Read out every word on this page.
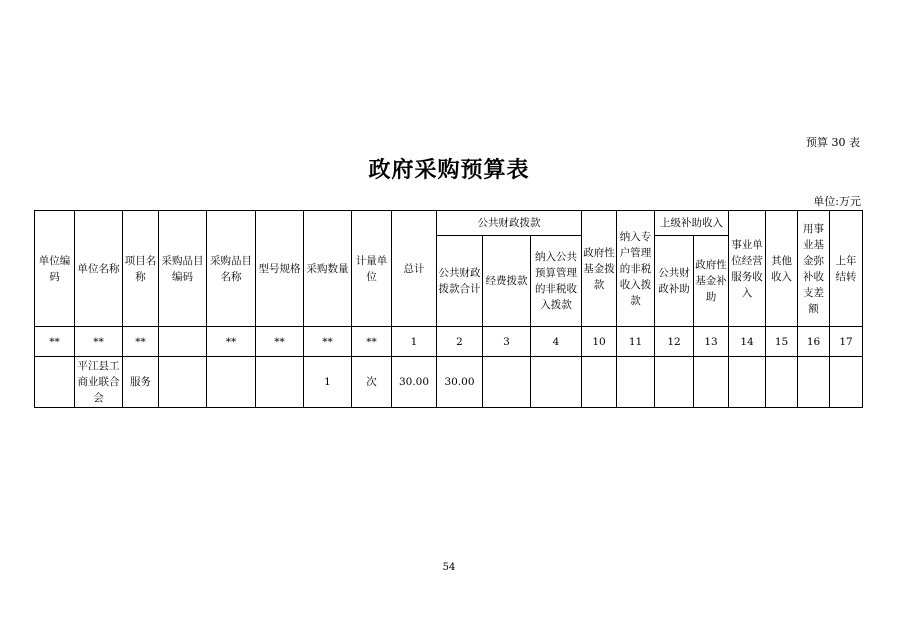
预算 30 表
政府采购预算表
单位:万元
单位编码	单位名称	项目名称	采购品目编码	采购品目名称	型号规格	采购数量	计量单位	总计	公共财政拨款			政府性基金拨款	纳入专户管理的非税收入拨款	上级补助收入		事业单位经营服务收入	其他收入	用事业基金弥补收支差额	上年结转
									公共财政拨款合计	经费拨款	纳入公共预算管理的非税收入拨款			公共财政补助	政府性基金补助				
**	**	**		**	**	**	**	1	2	3	4	10	11	12	13	14	15	16	17
	平江县工商业联合会	服务				1	次	30.00	30.00										
54
